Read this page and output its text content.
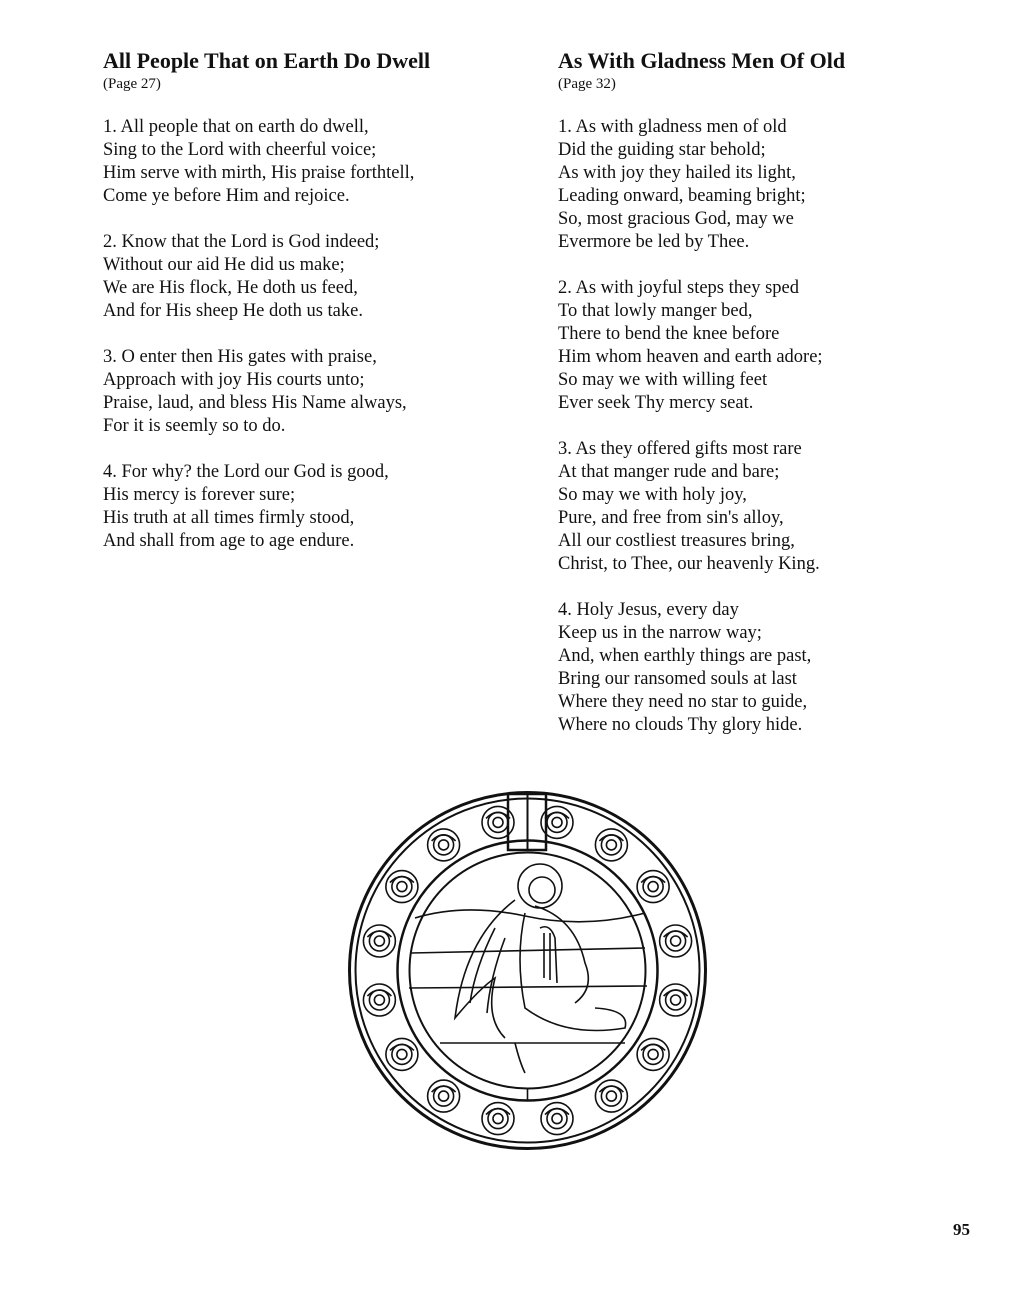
All People That on Earth Do Dwell

(Page 27)

1. All people that on earth do dwell,
Sing to the Lord with cheerful voice;
Him serve with mirth, His praise forthtell,
Come ye before Him and rejoice.
2. Know that the Lord is God indeed;
Without our aid He did us make;
We are His flock, He doth us feed,
And for His sheep He doth us take.
3. O enter then His gates with praise,
Approach with joy His courts unto;
Praise, laud, and bless His Name always,
For it is seemly so to do.
4. For why? the Lord our God is good,
His mercy is forever sure;
His truth at all times firmly stood,
And shall from age to age endure.
As With Gladness Men Of Old

(Page 32)

1. As with gladness men of old
Did the guiding star behold;
As with joy they hailed its light,
Leading onward, beaming bright;
So, most gracious God, may we
Evermore be led by Thee.
2. As with joyful steps they sped
To that lowly manger bed,
There to bend the knee before
Him whom heaven and earth adore;
So may we with willing feet
Ever seek Thy mercy seat.
3. As they offered gifts most rare
At that manger rude and bare;
So may we with holy joy,
Pure, and free from sin's alloy,
All our costliest treasures bring,
Christ, to Thee, our heavenly King.
4. Holy Jesus, every day
Keep us in the narrow way;
And, when earthly things are past,
Bring our ransomed souls at last
Where they need no star to guide,
Where no clouds Thy glory hide.
95
